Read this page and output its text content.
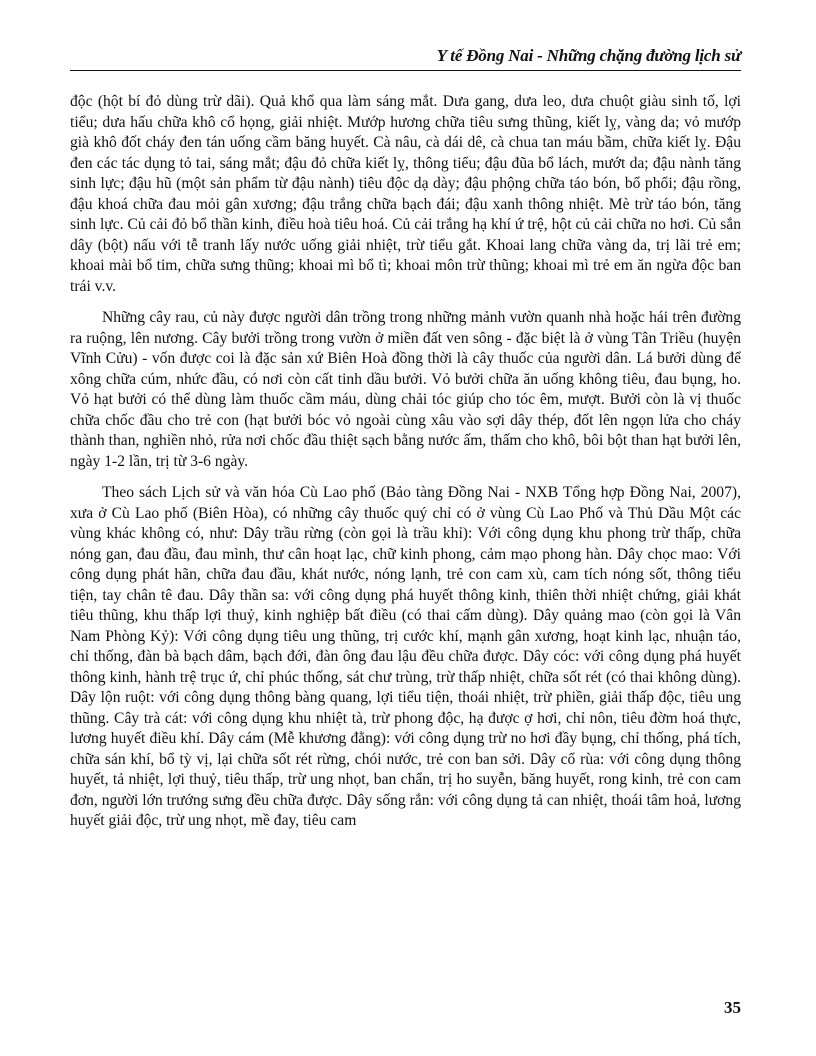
Y tế Đồng Nai - Những chặng đường lịch sử

độc (hột bí đỏ dùng trừ dãi). Quả khổ qua làm sáng mắt. Dưa gang, dưa leo, dưa chuột giàu sinh tố, lợi tiểu; dưa hấu chữa khô cổ họng, giải nhiệt. Mướp hương chữa tiêu sưng thũng, kiết lỵ, vàng da; vỏ mướp già khô đốt cháy đen tán uống cầm băng huyết. Cà nâu, cà dái dê, cà chua tan máu bầm, chữa kiết lỵ. Đậu đen các tác dụng tỏ tai, sáng mắt; đậu đỏ chữa kiết lỵ, thông tiểu; đậu đũa bổ lách, mướt da; đậu nành tăng sinh lực; đậu hũ (một sản phẩm từ đậu nành) tiêu độc dạ dày; đậu phộng chữa táo bón, bổ phổi; đậu rồng, đậu khoá chữa đau mỏi gân xương; đậu trắng chữa bạch đái; đậu xanh thông nhiệt. Mè trừ táo bón, tăng sinh lực. Củ cải đỏ bổ thần kinh, điều hoà tiêu hoá. Củ cải trắng hạ khí ứ trệ, hột củ cải chữa no hơi. Củ sắn dây (bột) nấu với tễ tranh lấy nước uống giải nhiệt, trừ tiểu gắt. Khoai lang chữa vàng da, trị lãi trẻ em; khoai mài bổ tim, chữa sưng thũng; khoai mì bổ tì; khoai môn trừ thũng; khoai mì trẻ em ăn ngừa độc ban trái v.v.

Những cây rau, củ này được người dân trồng trong những mảnh vườn quanh nhà hoặc hái trên đường ra ruộng, lên nương. Cây bưởi trồng trong vườn ở miền đất ven sông - đặc biệt là ở vùng Tân Triều (huyện Vĩnh Cửu) - vốn được coi là đặc sản xứ Biên Hoà đồng thời là cây thuốc của người dân. Lá bưởi dùng để xông chữa cúm, nhức đầu, có nơi còn cất tinh dầu bưởi. Vỏ bưởi chữa ăn uống không tiêu, đau bụng, ho. Vỏ hạt bưởi có thể dùng làm thuốc cầm máu, dùng chải tóc giúp cho tóc êm, mượt. Bưởi còn là vị thuốc chữa chốc đầu cho trẻ con (hạt bưởi bóc vỏ ngoài cùng xâu vào sợi dây thép, đốt lên ngọn lửa cho cháy thành than, nghiền nhỏ, rửa nơi chốc đầu thiệt sạch bằng nước ấm, thấm cho khô, bôi bột than hạt bưởi lên, ngày 1-2 lần, trị từ 3-6 ngày.

Theo sách Lịch sử và văn hóa Cù Lao phố (Bảo tàng Đồng Nai - NXB Tổng hợp Đồng Nai, 2007), xưa ở Cù Lao phố (Biên Hòa), có những cây thuốc quý chỉ có ở vùng Cù Lao Phố và Thủ Dầu Một các vùng khác không có, như: Dây trầu rừng (còn gọi là trầu khỉ): Với công dụng khu phong trừ thấp, chữa nóng gan, đau đầu, đau mình, thư cân hoạt lạc, chữ kinh phong, cảm mạo phong hàn. Dây chọc mao: Với công dụng phát hãn, chữa đau đầu, khát nước, nóng lạnh, trẻ con cam xù, cam tích nóng sốt, thông tiểu tiện, tay chân tê đau. Dây thần sa: với công dụng phá huyết thông kinh, thiên thời nhiệt chứng, giải khát tiêu thũng, khu thấp lợi thuỷ, kinh nghiệp bất điều (có thai cấm dùng). Dây quảng mao (còn gọi là Vân Nam Phòng Kỷ): Với công dụng tiêu ung thũng, trị cước khí, mạnh gân xương, hoạt kinh lạc, nhuận táo, chỉ thống, đàn bà bạch dâm, bạch đới, đàn ông đau lậu đều chữa được. Dây cóc: với công dụng phá huyết thông kinh, hành trệ trục ứ, chỉ phúc thống, sát chư trùng, trừ thấp nhiệt, chữa sốt rét (có thai không dùng). Dây lộn ruột: với công dụng thông bàng quang, lợi tiểu tiện, thoái nhiệt, trừ phiền, giải thấp độc, tiêu ung thũng. Cây trà cát: với công dụng khu nhiệt tà, trừ phong độc, hạ được ợ hơi, chỉ nôn, tiêu đờm hoá thực, lương huyết điều khí. Dây cám (Mễ khương đằng): với công dụng trừ no hơi đầy bụng, chỉ thống, phá tích, chữa sán khí, bổ tỳ vị, lại chữa sốt rét rừng, chói nước, trẻ con ban sởi. Dây cổ rùa: với công dụng thông huyết, tả nhiệt, lợi thuỷ, tiêu thấp, trừ ung nhọt, ban chẩn, trị ho suyễn, băng huyết, rong kinh, trẻ con cam đơn, người lớn trướng sưng đều chữa được. Dây sống rắn: với công dụng tả can nhiệt, thoái tâm hoả, lương huyết giải độc, trừ ung nhọt, mề đay, tiêu cam

35
